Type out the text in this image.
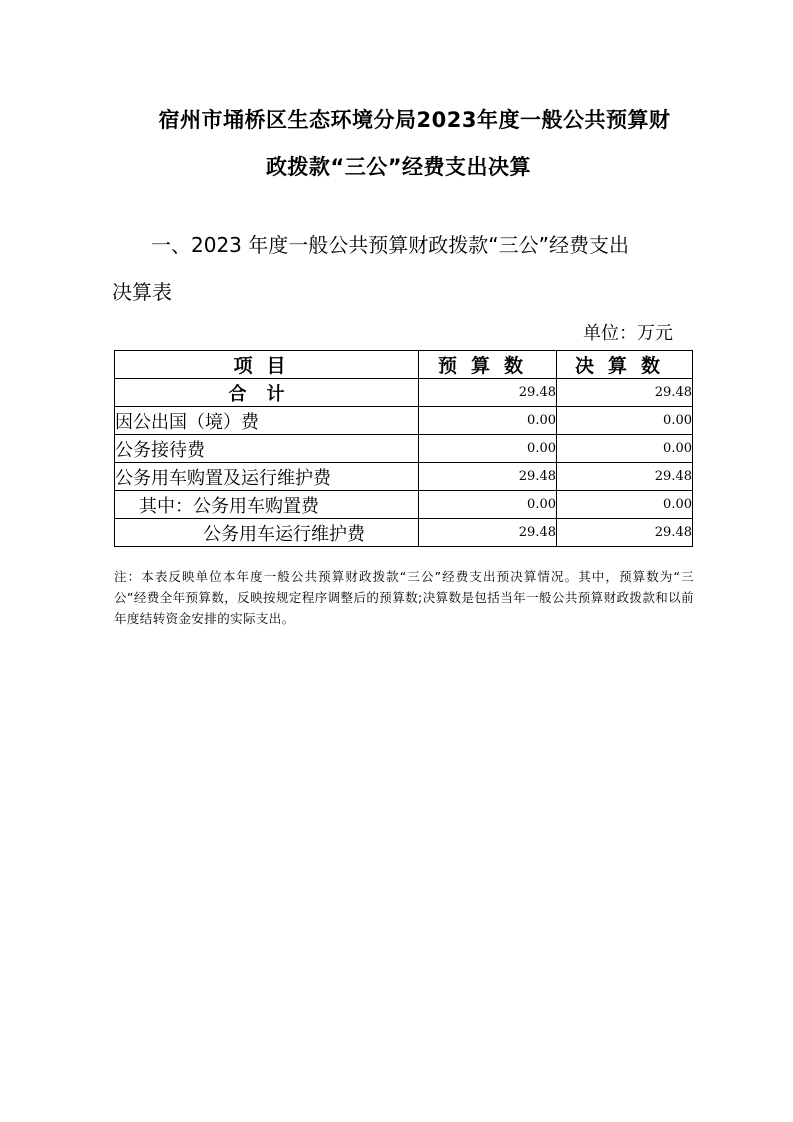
宿州市埇桥区生态环境分局2023年度一般公共预算财
政拨款“三公”经费支出决算

一、2023 年度一般公共预算财政拨款“三公”经费支出

决算表

单位：万元
项目	预算数	决算数
合计	29.48	29.48
因公出国（境）费	0.00	0.00
公务接待费	0.00	0.00
公务用车购置及运行维护费	29.48	29.48
其中：公务用车购置费	0.00	0.00
公务用车运行维护费	29.48	29.48
注：本表反映单位本年度一般公共预算财政拨款“三公”经费支出预决算情况。其中，预算数为“三公”经费全年预算数，反映按规定程序调整后的预算数;决算数是包括当年一般公共预算财政拨款和以前年度结转资金安排的实际支出。
